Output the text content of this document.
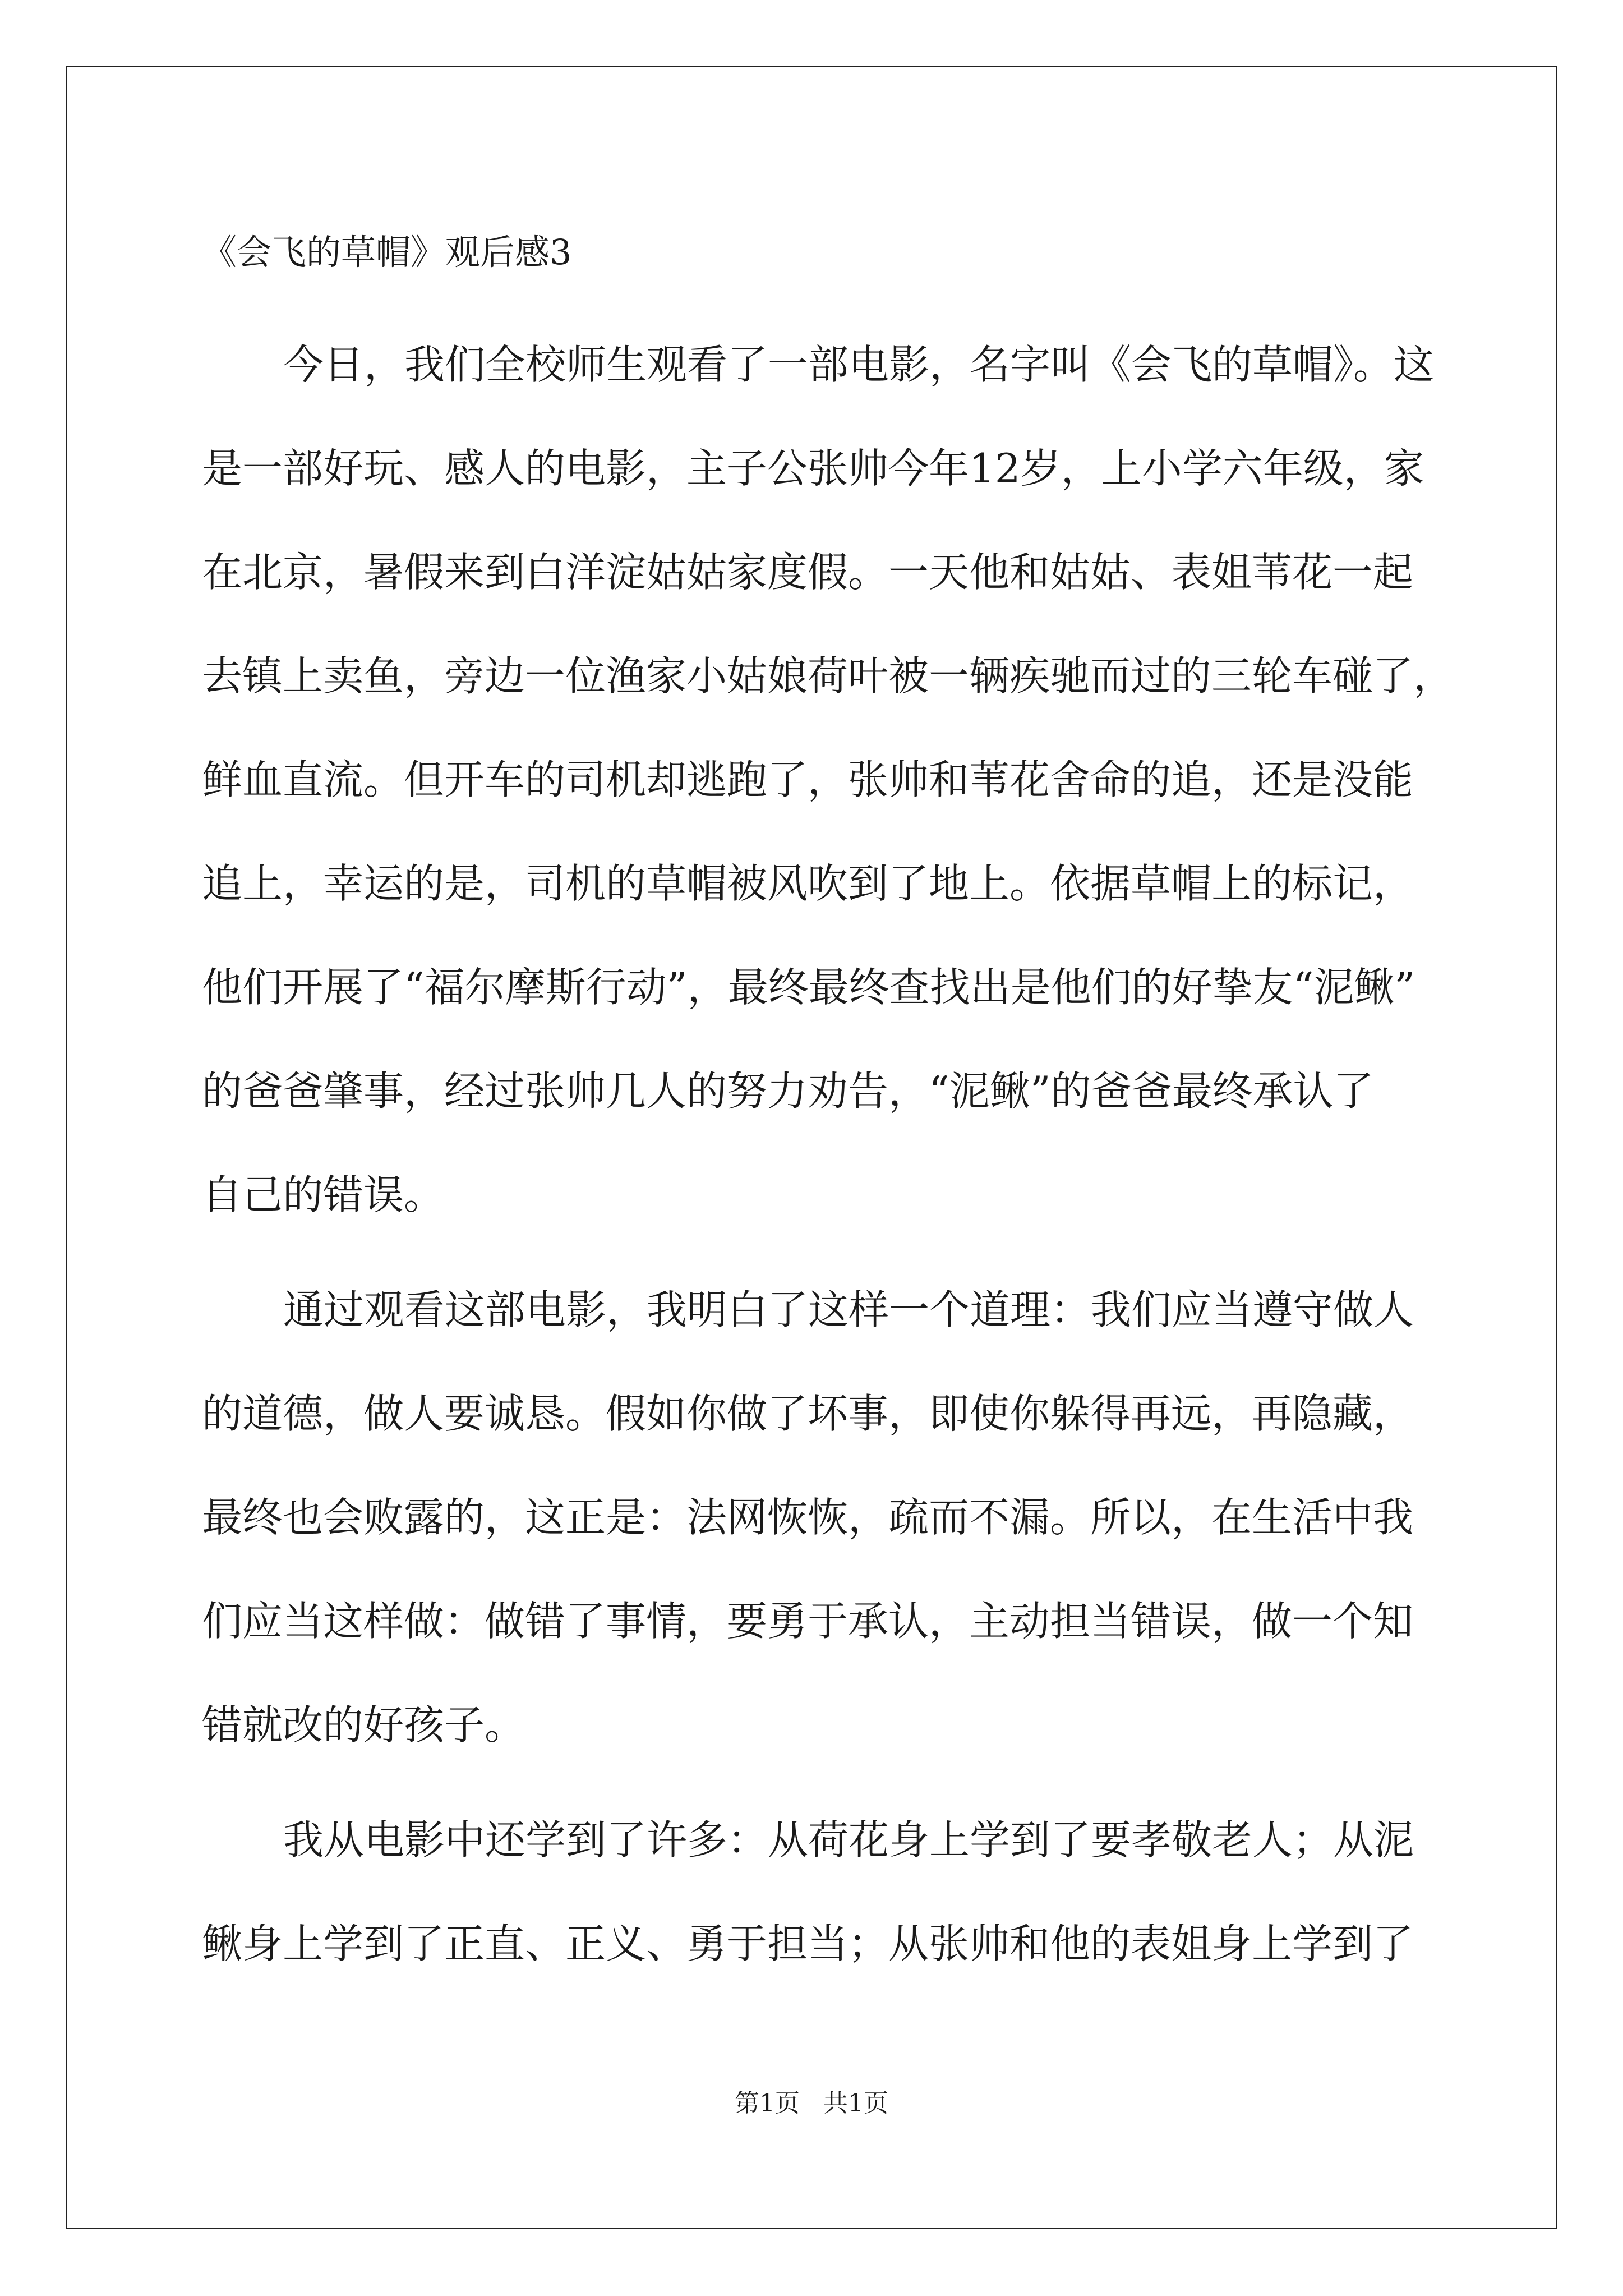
《会飞的草帽》观后感3
今日，我们全校师生观看了一部电影，名字叫《会飞的草帽》。这
是一部好玩、感人的电影，主子公张帅今年12岁，上小学六年级，家
在北京，暑假来到白洋淀姑姑家度假。一天他和姑姑、表姐苇花一起
去镇上卖鱼，旁边一位渔家小姑娘荷叶被一辆疾驰而过的三轮车碰了，
鲜血直流。但开车的司机却逃跑了，张帅和苇花舍命的追，还是没能
追上，幸运的是，司机的草帽被风吹到了地上。依据草帽上的标记，
他们开展了“福尔摩斯行动”，最终最终查找出是他们的好挚友“泥鳅”
的爸爸肇事，经过张帅几人的努力劝告，“泥鳅”的爸爸最终承认了
自己的错误。
通过观看这部电影，我明白了这样一个道理：我们应当遵守做人
的道德，做人要诚恳。假如你做了坏事，即使你躲得再远，再隐藏，
最终也会败露的，这正是：法网恢恢，疏而不漏。所以，在生活中我
们应当这样做：做错了事情，要勇于承认，主动担当错误，做一个知
错就改的好孩子。
我从电影中还学到了许多：从荷花身上学到了要孝敬老人；从泥
鳅身上学到了正直、正义、勇于担当；从张帅和他的表姐身上学到了
第1页   共1页
